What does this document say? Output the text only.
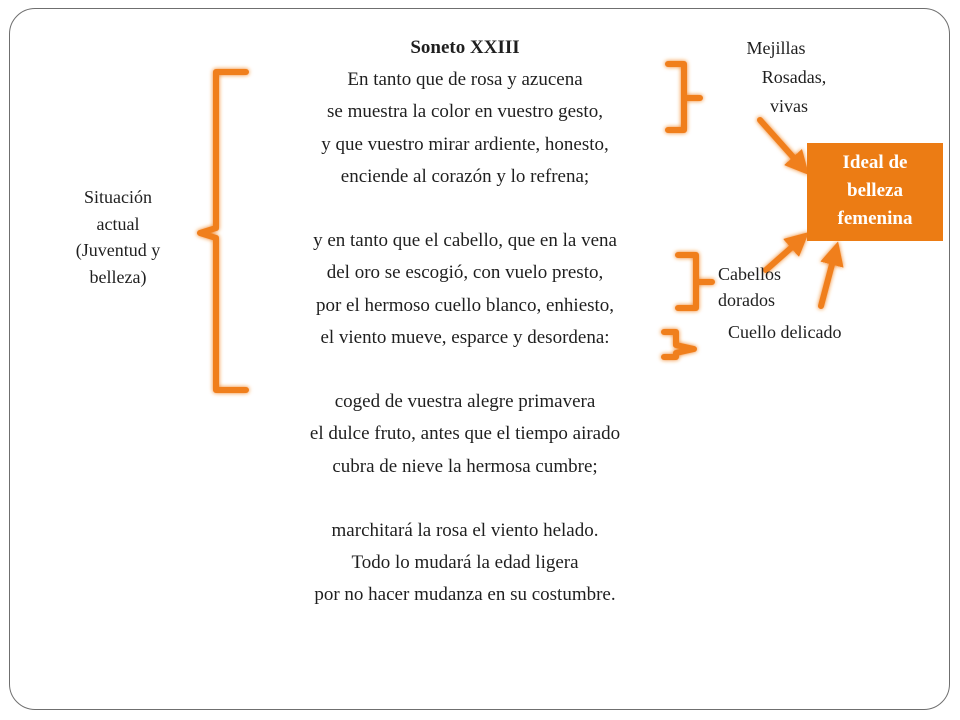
Soneto XXIII
En tanto que de rosa y azucena
se muestra la color en vuestro gesto,
y que vuestro mirar ardiente, honesto,
enciende al corazón y lo refrena;
y en tanto que el cabello, que en la vena
del oro se escogió, con vuelo presto,
por el hermoso cuello blanco, enhiesto,
el viento mueve, esparce y desordena:
coged de vuestra alegre primavera
el dulce fruto, antes que el tiempo airado
cubra de nieve la hermosa cumbre;
marchitará la rosa el viento helado.
Todo lo mudará la edad ligera
por no hacer mudanza en su costumbre.
Situación
actual
(Juventud y
belleza)
Mejillas
Rosadas,
vivas
Cabellos
dorados
Cuello delicado
Ideal de
belleza
femenina
